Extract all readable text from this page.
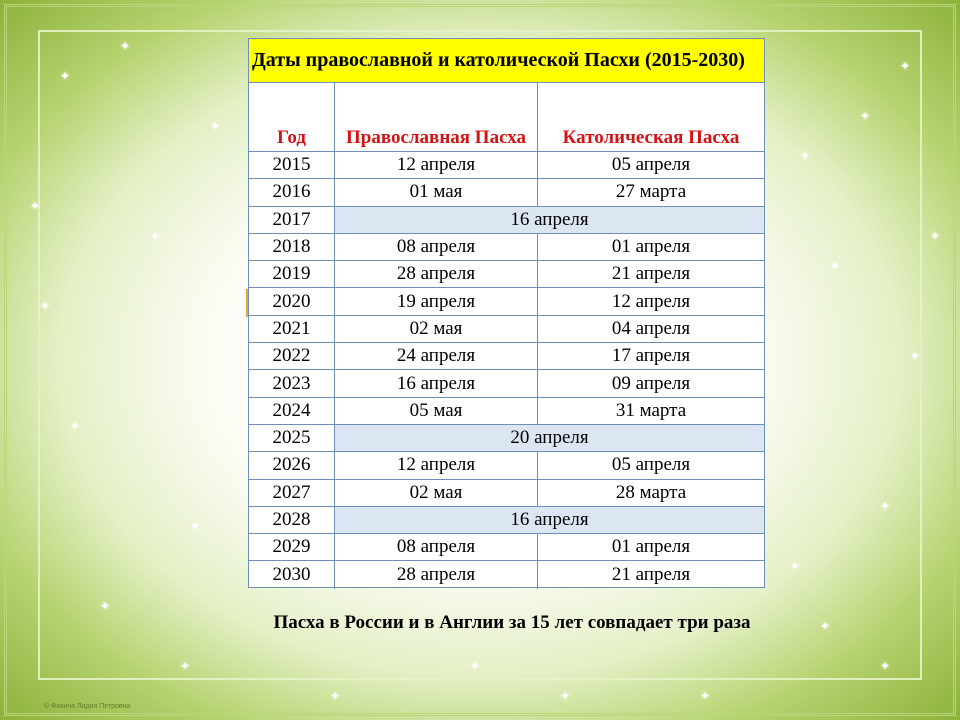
✦
✦
✦
✦
✦
✦
✦
✦
✦
✦
✦
✦
✦
✦
✦
✦
✦
✦
✦
✦
✦	✦
✦
✦
Даты православной и католической Пасхи (2015-2030)
Год	Православная Пасха	Католическая Пасха
2015	12 апреля	05 апреля
2016	01 мая	27 марта
2017	16 апреля
2018	08 апреля	01 апреля
2019	28 апреля	21 апреля
2020	19 апреля	12 апреля
2021	02 мая	04 апреля
2022	24 апреля	17 апреля
2023	16 апреля	09 апреля
2024	05 мая	31 марта
2025	20 апреля
2026	12 апреля	05 апреля
2027	02 мая	28 марта
2028	16 апреля
2029	08 апреля	01 апреля
2030	28 апреля	21 апреля
Пасха в России и в Англии за 15 лет совпадает три раза
© Фокина Лидия Петровна
